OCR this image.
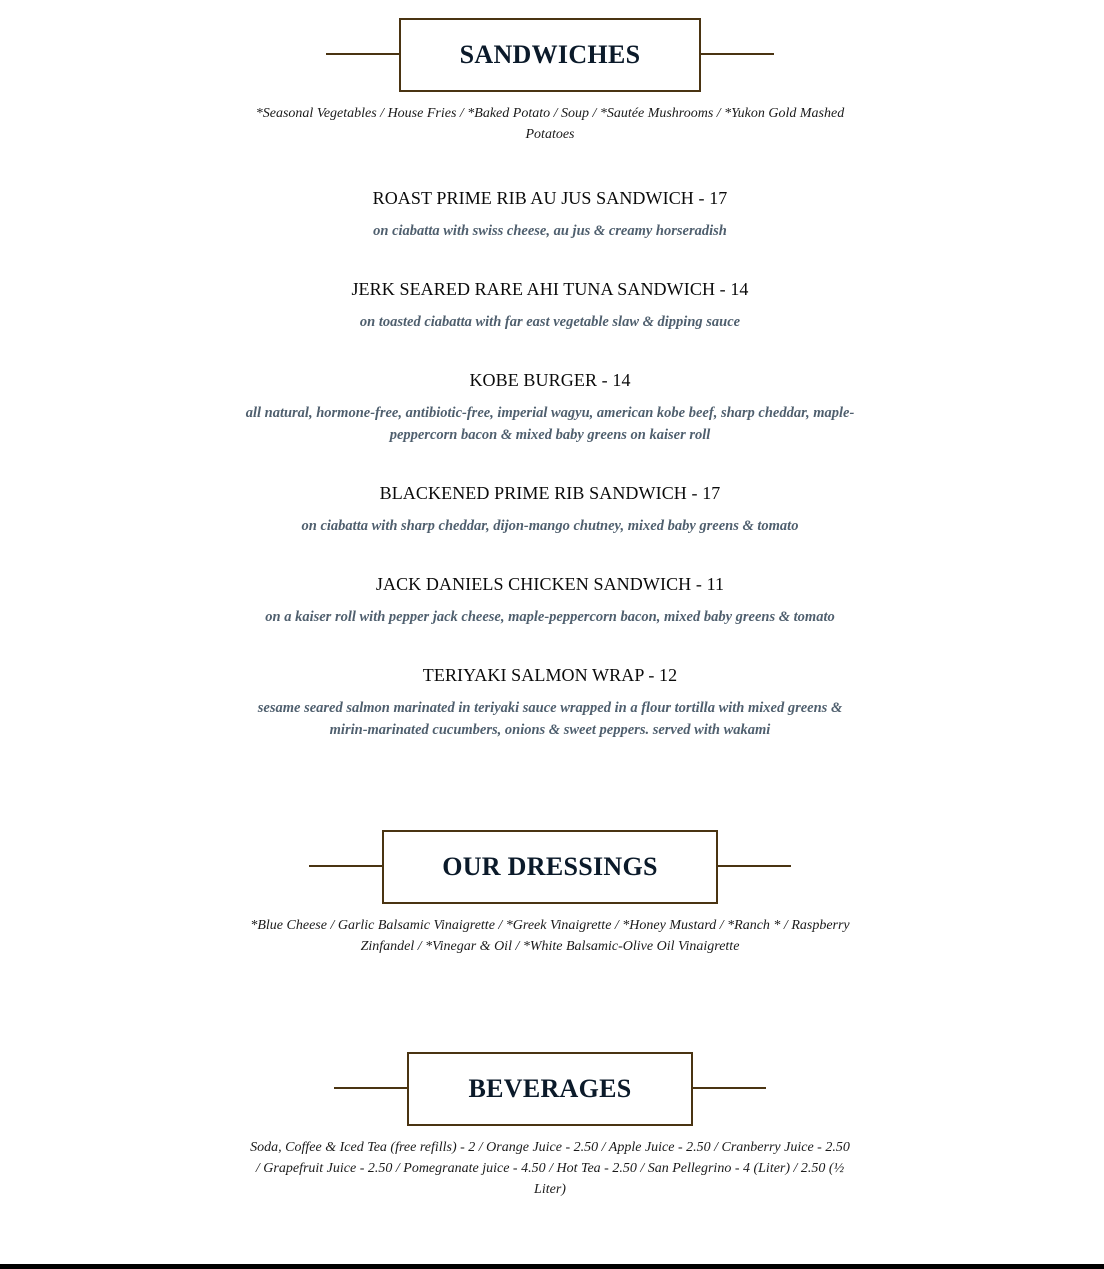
SANDWICHES
*Seasonal Vegetables / House Fries / *Baked Potato / Soup / *Sautée Mushrooms / *Yukon Gold Mashed Potatoes
ROAST PRIME RIB AU JUS SANDWICH - 17
on ciabatta with swiss cheese, au jus & creamy horseradish
JERK SEARED RARE AHI TUNA SANDWICH - 14
on toasted ciabatta with far east vegetable slaw & dipping sauce
KOBE BURGER - 14
all natural, hormone-free, antibiotic-free, imperial wagyu, american kobe beef, sharp cheddar, maple-peppercorn bacon & mixed baby greens on kaiser roll
BLACKENED PRIME RIB SANDWICH - 17
on ciabatta with sharp cheddar, dijon-mango chutney, mixed baby greens & tomato
JACK DANIELS CHICKEN SANDWICH - 11
on a kaiser roll with pepper jack cheese, maple-peppercorn bacon, mixed baby greens & tomato
TERIYAKI SALMON WRAP - 12
sesame seared salmon marinated in teriyaki sauce wrapped in a flour tortilla with mixed greens & mirin-marinated cucumbers, onions & sweet peppers. served with wakami
OUR DRESSINGS
*Blue Cheese / Garlic Balsamic Vinaigrette / *Greek Vinaigrette / *Honey Mustard / *Ranch * / Raspberry Zinfandel / *Vinegar & Oil / *White Balsamic-Olive Oil Vinaigrette
BEVERAGES
Soda, Coffee & Iced Tea (free refills) - 2 / Orange Juice - 2.50 / Apple Juice - 2.50 / Cranberry Juice - 2.50 / Grapefruit Juice - 2.50 / Pomegranate juice - 4.50 / Hot Tea - 2.50 / San Pellegrino - 4 (Liter) / 2.50 (½ Liter)
